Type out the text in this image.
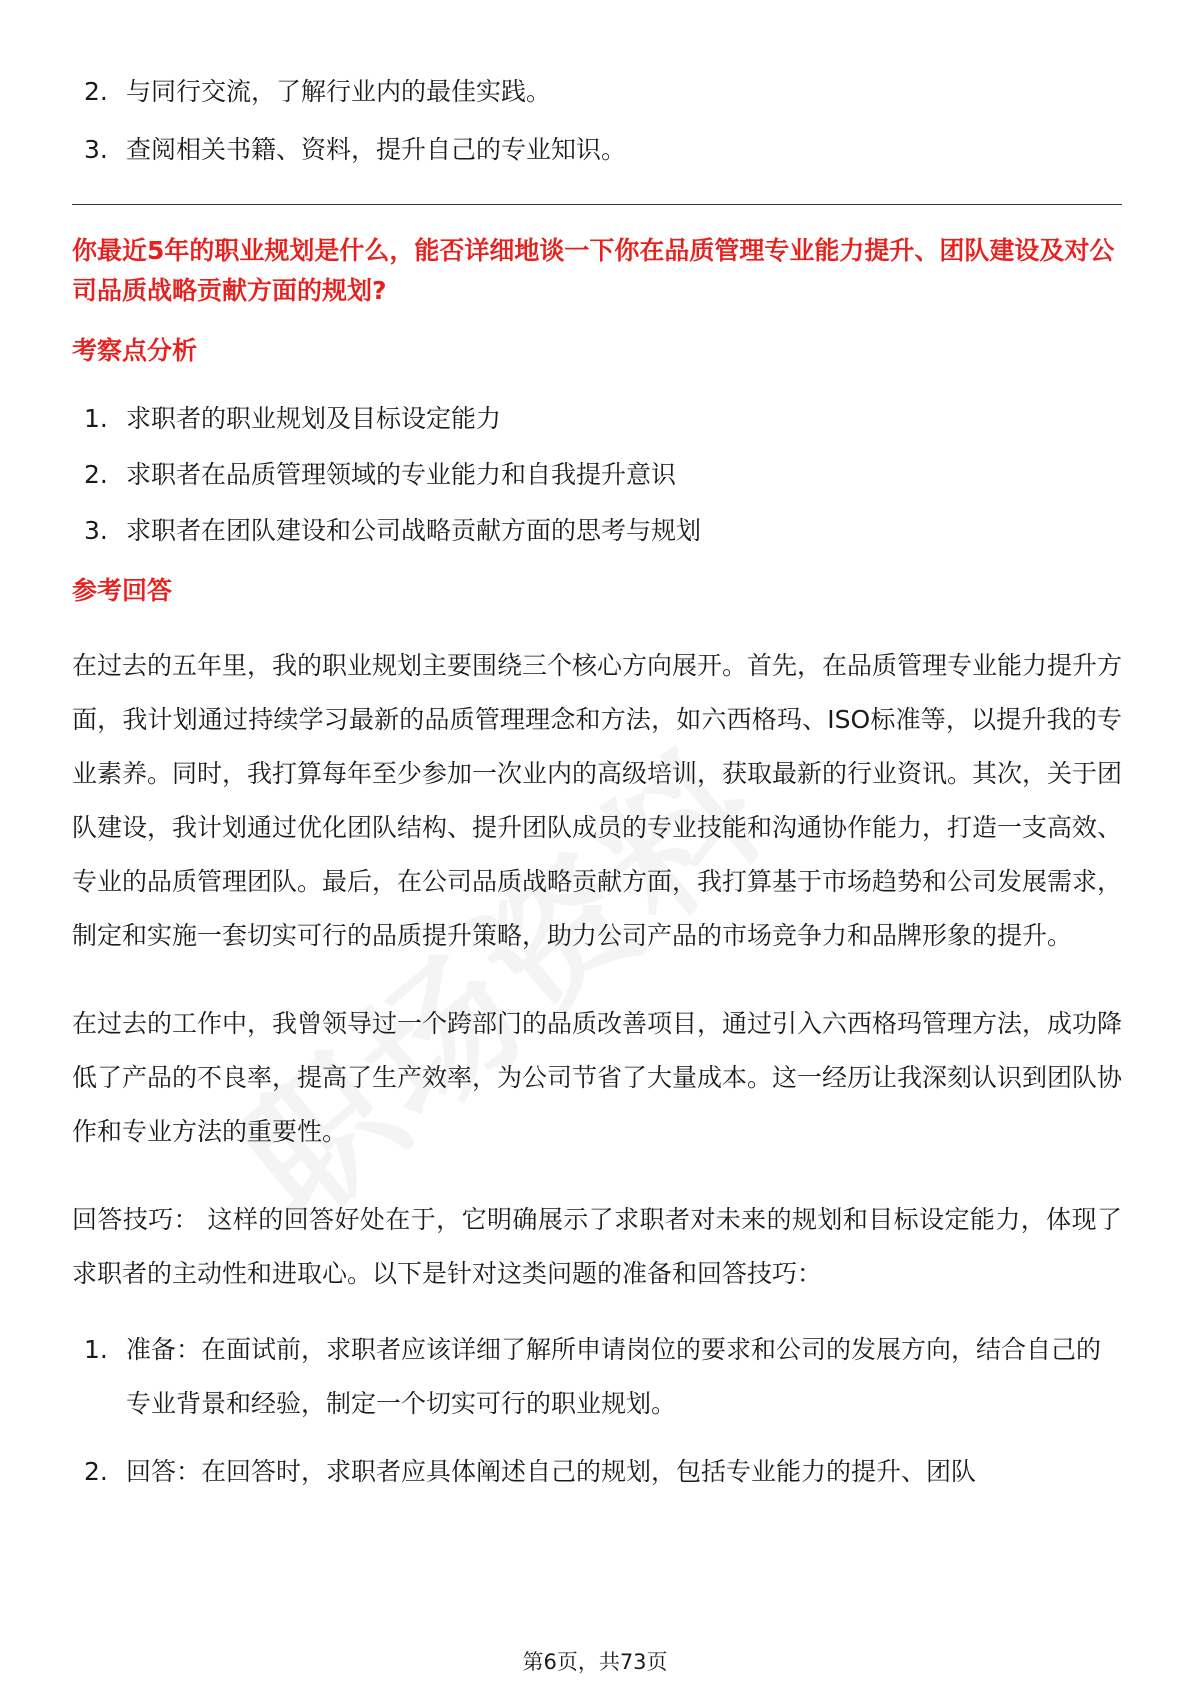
2. 与同行交流，了解行业内的最佳实践。
3. 查阅相关书籍、资料，提升自己的专业知识。

你最近5年的职业规划是什么，能否详细地谈一下你在品质管理专业能力提升、团队建设及对公司品质战略贡献方面的规划?

考察点分析
1. 求职者的职业规划及目标设定能力
2. 求职者在品质管理领域的专业能力和自我提升意识
3. 求职者在团队建设和公司战略贡献方面的思考与规划
参考回答

在过去的五年里，我的职业规划主要围绕三个核心方向展开。首先，在品质管理专业能力提升方面，我计划通过持续学习最新的品质管理理念和方法，如六西格玛、ISO标准等，以提升我的专业素养。同时，我打算每年至少参加一次业内的高级培训，获取最新的行业资讯。其次，关于团队建设，我计划通过优化团队结构、提升团队成员的专业技能和沟通协作能力，打造一支高效、专业的品质管理团队。最后，在公司品质战略贡献方面，我打算基于市场趋势和公司发展需求，制定和实施一套切实可行的品质提升策略，助力公司产品的市场竞争力和品牌形象的提升。

在过去的工作中，我曾领导过一个跨部门的品质改善项目，通过引入六西格玛管理方法，成功降低了产品的不良率，提高了生产效率，为公司节省了大量成本。这一经历让我深刻认识到团队协作和专业方法的重要性。

回答技巧： 这样的回答好处在于，它明确展示了求职者对未来的规划和目标设定能力，体现了求职者的主动性和进取心。以下是针对这类问题的准备和回答技巧：

1. 准备：在面试前，求职者应该详细了解所申请岗位的要求和公司的发展方向，结合自己的专业背景和经验，制定一个切实可行的职业规划。
2. 回答：在回答时，求职者应具体阐述自己的规划，包括专业能力的提升、团队
第6页，共73页
